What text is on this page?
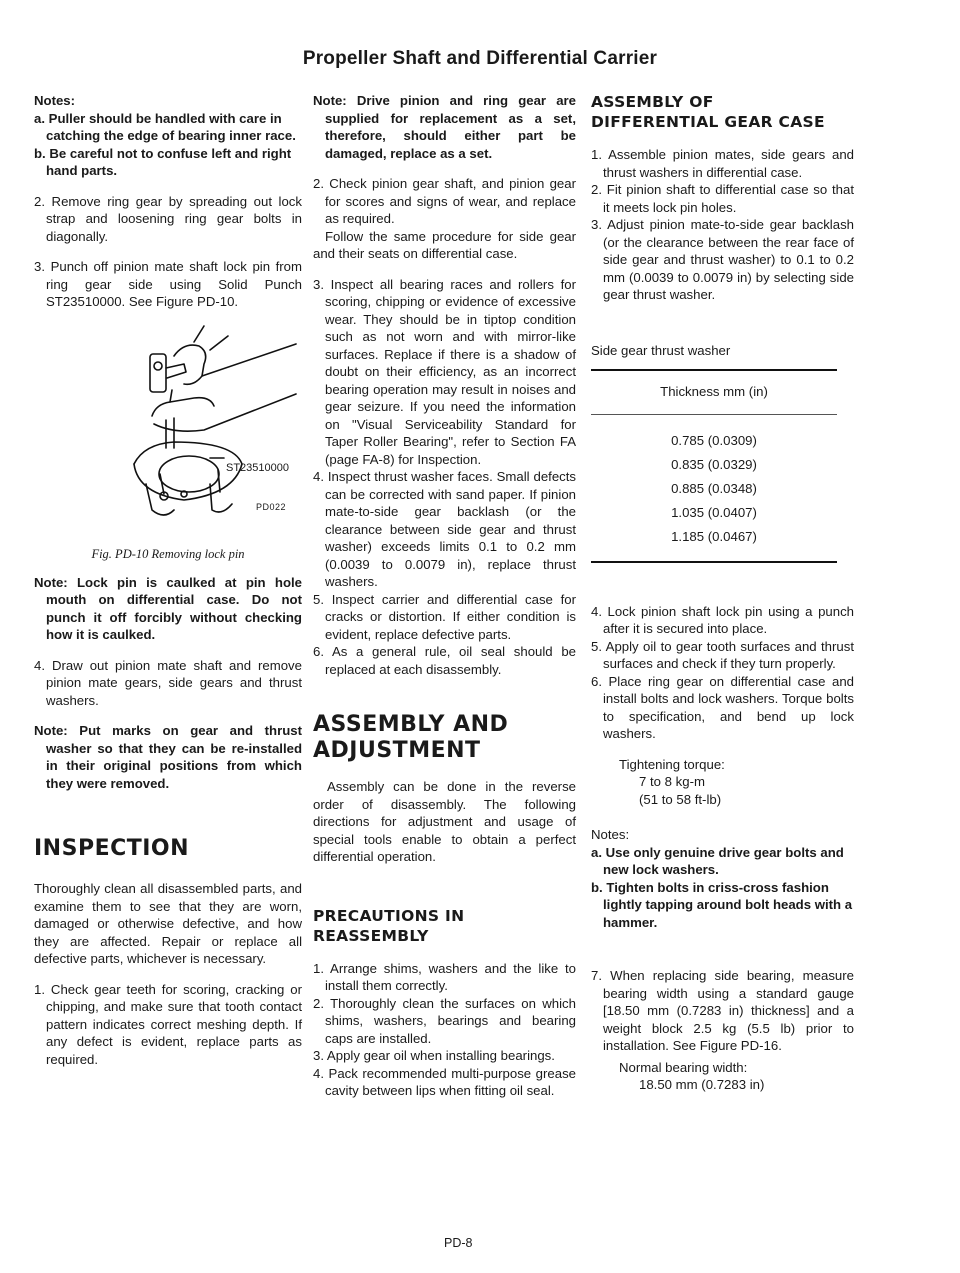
Propeller Shaft and Differential Carrier
Notes:
a. Puller should be handled with care in catching the edge of bearing inner race.
b. Be careful not to confuse left and right hand parts.

2. Remove ring gear by spreading out lock strap and loosening ring gear bolts in diagonally.

3. Punch off pinion mate shaft lock pin from ring gear side using Solid Punch ST23510000. See Figure PD-10.

ST23510000
PD022
Fig. PD-10 Removing lock pin

Note: Lock pin is caulked at pin hole mouth on differential case. Do not punch it off forcibly without checking how it is caulked.

4. Draw out pinion mate shaft and remove pinion mate gears, side gears and thrust washers.

Note: Put marks on gear and thrust washer so that they can be re-installed in their original positions from which they were removed.

INSPECTION

Thoroughly clean all disassembled parts, and examine them to see that they are worn, damaged or otherwise defective, and how they are affected. Repair or replace all defective parts, whichever is necessary.

1. Check gear teeth for scoring, cracking or chipping, and make sure that tooth contact pattern indicates correct meshing depth. If any defect is evident, replace parts as required.

Note: Drive pinion and ring gear are supplied for replacement as a set, therefore, should either part be damaged, replace as a set.

2. Check pinion gear shaft, and pinion gear for scores and signs of wear, and replace as required.

Follow the same procedure for side gear and their seats on differential case.

3. Inspect all bearing races and rollers for scoring, chipping or evidence of excessive wear. They should be in tiptop condition such as not worn and with mirror-like surfaces. Replace if there is a shadow of doubt on their efficiency, as an incorrect bearing operation may result in noises and gear seizure. If you need the information on "Visual Serviceability Standard for Taper Roller Bearing", refer to Section FA (page FA-8) for Inspection.

4. Inspect thrust washer faces. Small defects can be corrected with sand paper. If pinion mate-to-side gear backlash (or the clearance between side gear and thrust washer) exceeds limits 0.1 to 0.2 mm (0.0039 to 0.0079 in), replace thrust washers.

5. Inspect carrier and differential case for cracks or distortion. If either condition is evident, replace defective parts.

6. As a general rule, oil seal should be replaced at each disassembly.

ASSEMBLY AND
ADJUSTMENT

Assembly can be done in the reverse order of disassembly. The following directions for adjustment and usage of special tools enable to obtain a perfect differential operation.

PRECAUTIONS IN
REASSEMBLY

1. Arrange shims, washers and the like to install them correctly.

2. Thoroughly clean the surfaces on which shims, washers, bearings and bearing caps are installed.

3. Apply gear oil when installing bearings.

4. Pack recommended multi-purpose grease cavity between lips when fitting oil seal.

ASSEMBLY OF
DIFFERENTIAL GEAR CASE

1. Assemble pinion mates, side gears and thrust washers in differential case.

2. Fit pinion shaft to differential case so that it meets lock pin holes.

3. Adjust pinion mate-to-side gear backlash (or the clearance between the rear face of side gear and thrust washer) to 0.1 to 0.2 mm (0.0039 to 0.0079 in) by selecting side gear thrust washer.

Side gear thrust washer
Thickness mm (in)
0.785 (0.0309)
0.835 (0.0329)
0.885 (0.0348)
1.035 (0.0407)
1.185 (0.0467)

4. Lock pinion shaft lock pin using a punch after it is secured into place.

5. Apply oil to gear tooth surfaces and thrust surfaces and check if they turn properly.

6. Place ring gear on differential case and install bolts and lock washers. Torque bolts to specification, and bend up lock washers.

Tightening torque:
7 to 8 kg-m
(51 to 58 ft-lb)
Notes:
a. Use only genuine drive gear bolts and new lock washers.
b. Tighten bolts in criss-cross fashion lightly tapping around bolt heads with a hammer.

7. When replacing side bearing, measure bearing width using a standard gauge [18.50 mm (0.7283 in) thickness] and a weight block 2.5 kg (5.5 lb) prior to installation. See Figure PD-16.

Normal bearing width:
18.50 mm (0.7283 in)
PD-8
